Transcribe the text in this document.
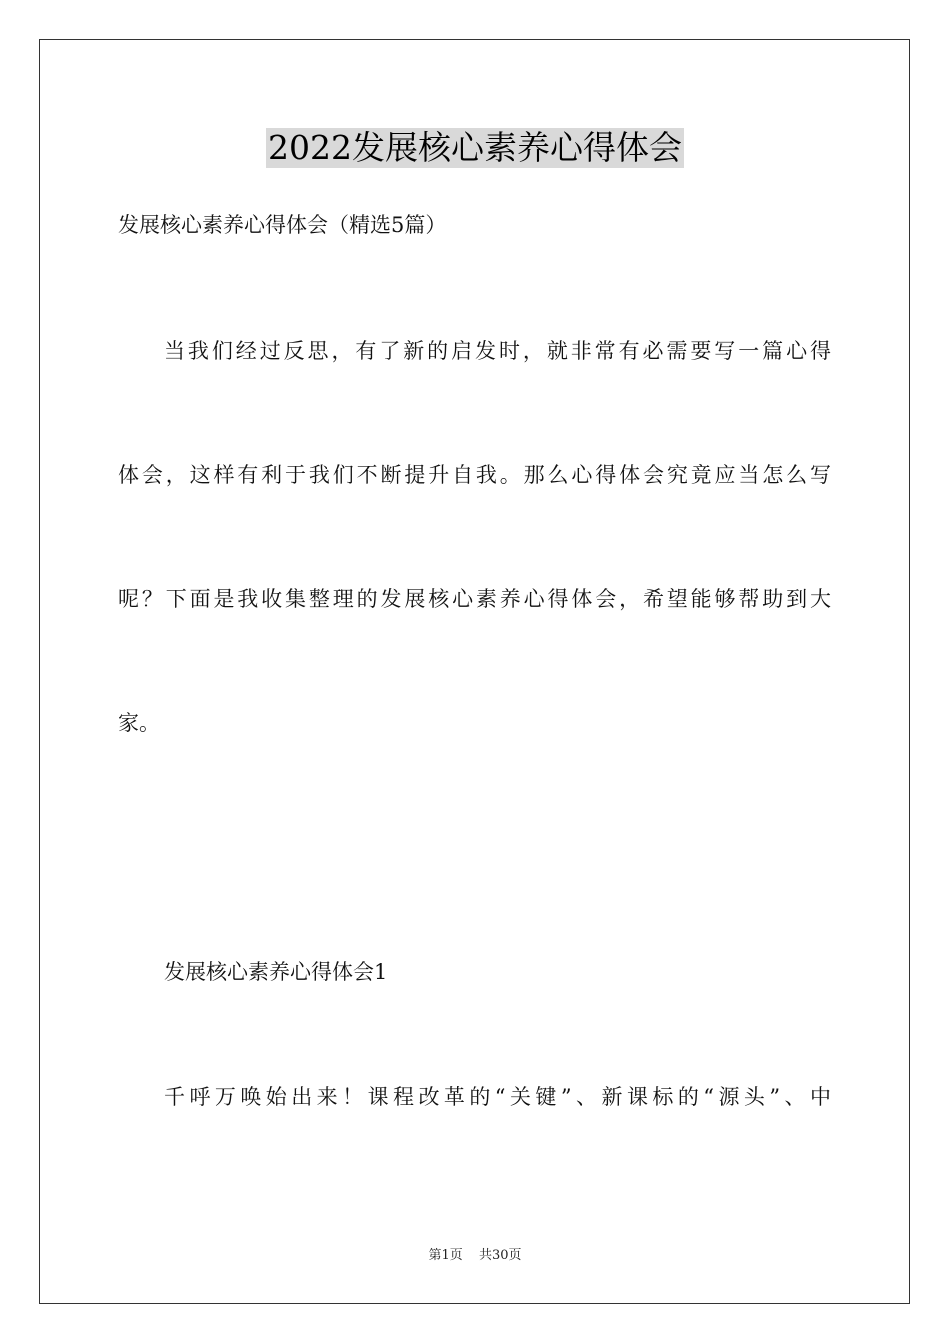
2022发展核心素养心得体会
发展核心素养心得体会（精选5篇）
当我们经过反思，有了新的启发时，就非常有必需要写一篇心得
体会，这样有利于我们不断提升自我。那么心得体会究竟应当怎么写
呢？下面是我收集整理的发展核心素养心得体会，希望能够帮助到大
家。
发展核心素养心得体会1
千呼万唤始出来！课程改革的“关键”、新课标的“源头”、中
第1页 共30页
